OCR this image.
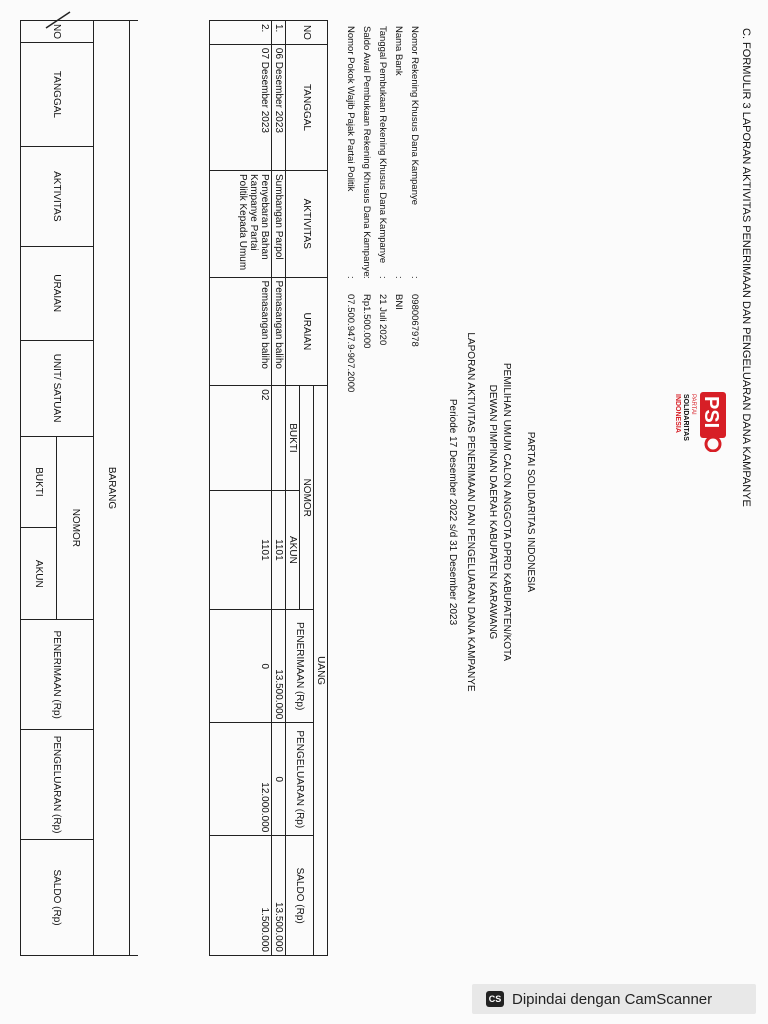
C. FORMULIR 3 LAPORAN AKTIVITAS PENERIMAAN DAN PENGELUARAN DANA KAMPANYE
PSI
PARTAI
SOLIDARITAS
INDONESIA
PARTAI SOLIDARITAS INDONESIA
PEMILIHAN UMUM CALON ANGGOTA DPRD KABUPATEN/KOTA
DEWAN PIMPINAN DAERAH KABUPATEN KARAWANG
LAPORAN AKTIVITAS PENERIMAAN DAN PENGELUARAN DANA KAMPANYE
Periode 17 Desember 2022 s/d 31 Desember 2023
Nomor Rekening Khusus Dana Kampanye
:
0980067978
Nama Bank
:
BNI
Tanggal Pembukaan Rekening Khusus Dana Kampanye
:
21 Juli 2020
Saldo Awal Pembukaan Rekening Khusus Dana Kampanye
:
Rp1.500.000
Nomor Pokok Wajib Pajak Partai Politik
:
07.500.947.9-907.2000
NO	TANGGAL	AKTIVITAS	URAIAN	UANG				
				NOMOR		PENERIMAAN (Rp)	PENGELUARAN (Rp)	SALDO (Rp)
				BUKTI	AKUN			
1.	06 Desember 2023	Sumbangan Parpol	Pemasangan baliho		1101	13.500.000	0	13.500.000
2.	07 Desember 2023	Penyebaran Bahan Kampanye Partai Politik Kepada Umum	Pemasangan baliho	02	1101	0	12.000.000	1.500.000

BARANG									
NO	TANGGAL	AKTIVITAS	URAIAN	UNIT/ SATUAN	NOMOR		PENERIMAAN (Rp)	PENGELUARAN (Rp)	SALDO (Rp)
					BUKTI	AKUN			
CS Dipindai dengan CamScanner
